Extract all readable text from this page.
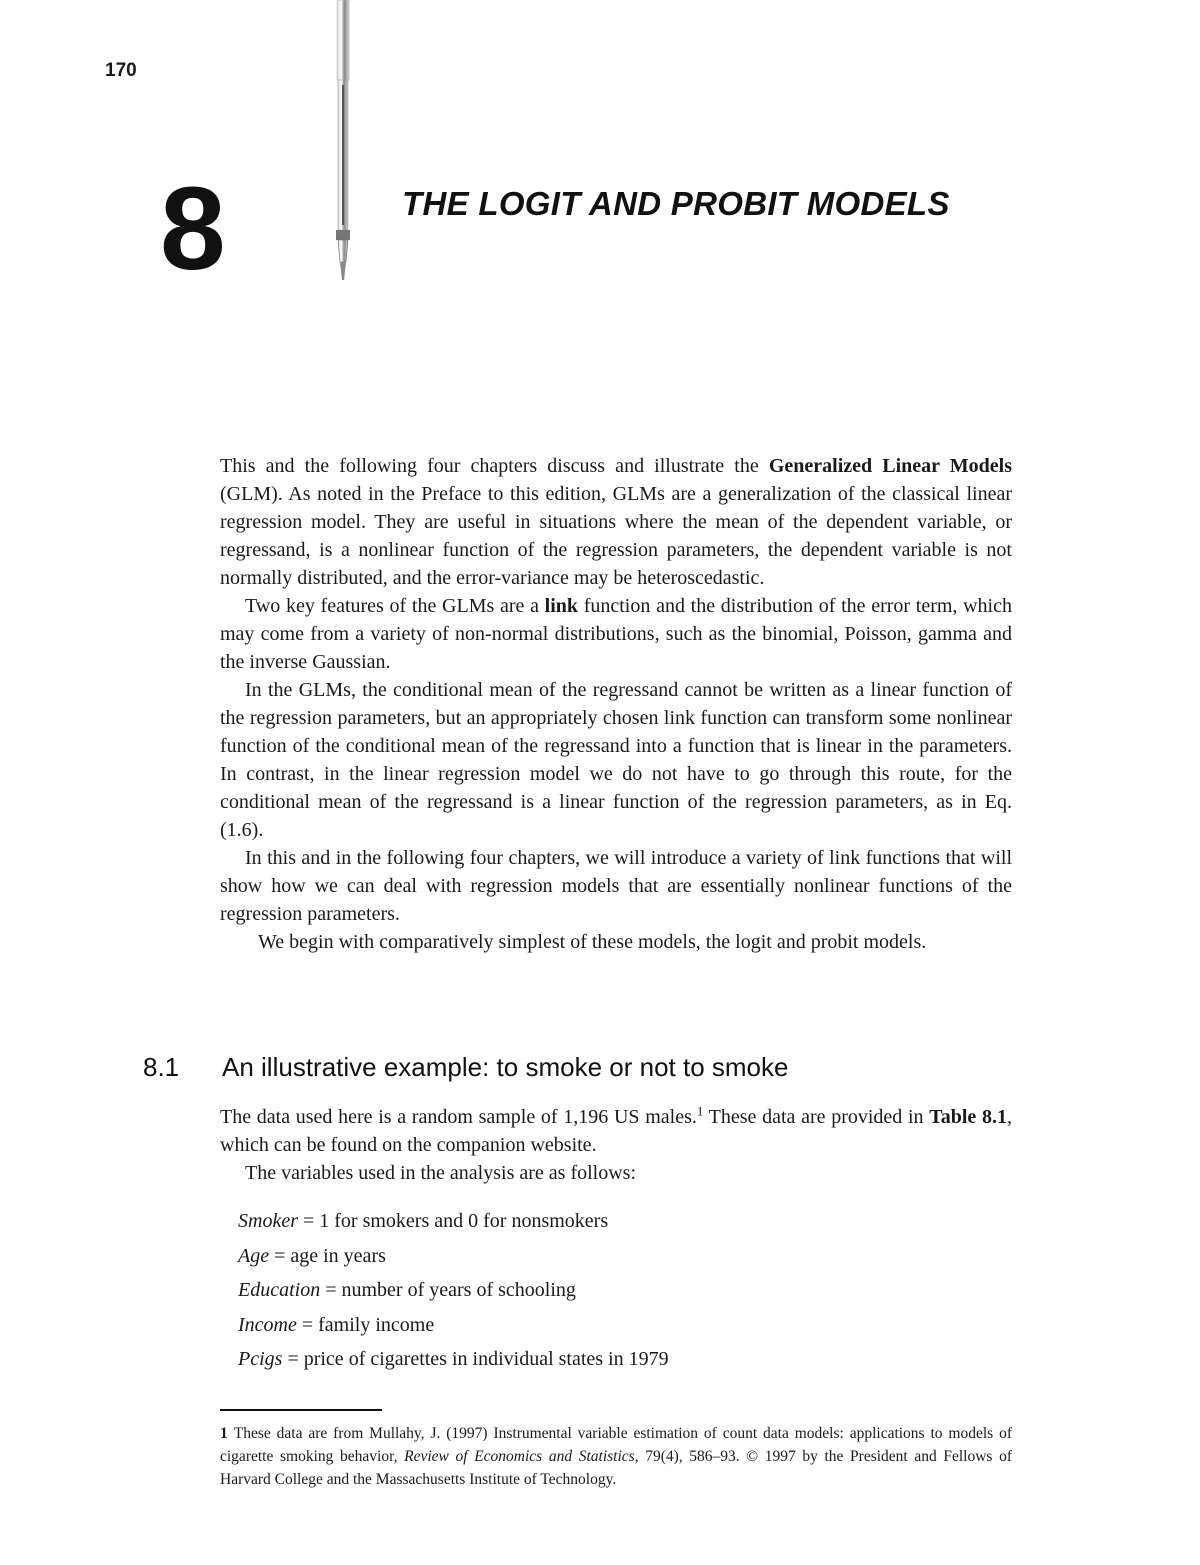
170
8	THE LOGIT AND PROBIT MODELS

This and the following four chapters discuss and illustrate the Generalized Linear Models (GLM). As noted in the Preface to this edition, GLMs are a generalization of the classical linear regression model. They are useful in situations where the mean of the dependent variable, or regressand, is a nonlinear function of the regression parameters, the dependent variable is not normally distributed, and the error-variance may be heteroscedastic.

Two key features of the GLMs are a link function and the distribution of the error term, which may come from a variety of non-normal distributions, such as the binomial, Poisson, gamma and the inverse Gaussian.

In the GLMs, the conditional mean of the regressand cannot be written as a linear function of the regression parameters, but an appropriately chosen link function can transform some nonlinear function of the conditional mean of the regressand into a function that is linear in the parameters. In contrast, in the linear regression model we do not have to go through this route, for the conditional mean of the regressand is a linear function of the regression parameters, as in Eq. (1.6).

In this and in the following four chapters, we will introduce a variety of link functions that will show how we can deal with regression models that are essentially nonlinear functions of the regression parameters.

We begin with comparatively simplest of these models, the logit and probit models.

8.1 An illustrative example: to smoke or not to smoke

The data used here is a random sample of 1,196 US males.$^1$ These data are provided in Table 8.1, which can be found on the companion website.

The variables used in the analysis are as follows:

Smoker = 1 for smokers and 0 for nonsmokers
Age = age in years
Education = number of years of schooling
Income = family income
Pcigs = price of cigarettes in individual states in 1979
1 These data are from Mullahy, J. (1997) Instrumental variable estimation of count data models: applications to models of cigarette smoking behavior, Review of Economics and Statistics, 79(4), 586–93. © 1997 by the President and Fellows of Harvard College and the Massachusetts Institute of Technology.
